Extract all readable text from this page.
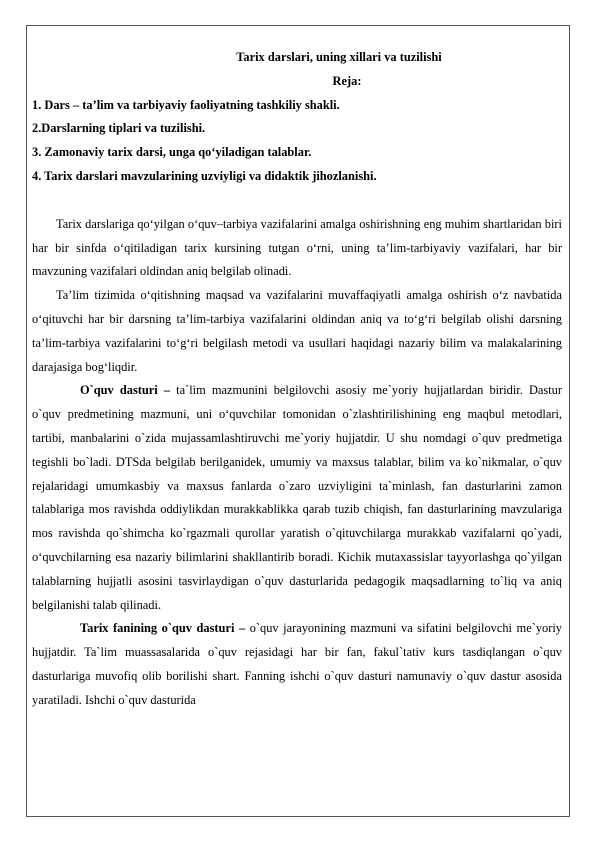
Tarix darslari, uning xillari va tuzilishi
Reja:
1. Dars – ta’lim va tarbiyaviy faoliyatning tashkiliy shakli.
2.Darslarning tiplari va tuzilishi.
3. Zamonaviy tarix darsi, unga qo‘yiladigan talablar.
4. Tarix darslari mavzularining uzviyligi va didaktik jihozlanishi.

Tarix darslariga qo‘yilgan o‘quv–tarbiya vazifalarini amalga oshirishning eng muhim shartlaridan biri har bir sinfda o‘qitiladigan tarix kursining tutgan o‘rni, uning ta’lim-tarbiyaviy vazifalari, har bir mavzuning vazifalari oldindan aniq belgilab olinadi.

Ta’lim tizimida o‘qitishning maqsad va vazifalarini muvaffaqiyatli amalga oshirish o‘z navbatida o‘qituvchi har bir darsning ta’lim-tarbiya vazifalarini oldindan aniq va to‘g‘ri belgilab olishi darsning ta’lim-tarbiya vazifalarini to‘g‘ri belgilash metodi va usullari haqidagi nazariy bilim va malakalarining darajasiga bog‘liqdir.

O`quv dasturi – ta`lim mazmunini belgilovchi asosiy me`yoriy hujjatlardan biridir. Dastur o`quv predmetining mazmuni, uni o‘quvchilar tomonidan o`zlashtirilishining eng maqbul metodlari, tartibi, manbalarini o`zida mujassamlashtiruvchi me`yoriy hujjatdir. U shu nomdagi o`quv predmetiga tegishli bo`ladi. DTSda belgilab berilganidek, umumiy va maxsus talablar, bilim va ko`nikmalar, o`quv rejalaridagi umumkasbiy va maxsus fanlarda o`zaro uzviyligini ta`minlash, fan dasturlarini zamon talablariga mos ravishda oddiylikdan murakkablikka qarab tuzib chiqish, fan dasturlarining mavzulariga mos ravishda qo`shimcha ko`rgazmali qurollar yaratish o`qituvchilarga murakkab vazifalarni qo`yadi, o‘quvchilarning esa nazariy bilimlarini shakllantirib boradi. Kichik mutaxassislar tayyorlashga qo`yilgan talablarning hujjatli asosini tasvirlaydigan o`quv dasturlarida pedagogik maqsadlarning to`liq va aniq belgilanishi talab qilinadi.

Tarix fanining o`quv dasturi – o`quv jarayonining mazmuni va sifatini belgilovchi me`yoriy hujjatdir. Ta`lim muassasalarida o`quv rejasidagi har bir fan, fakul`tativ kurs tasdiqlangan o`quv dasturlariga muvofiq olib borilishi shart. Fanning ishchi o`quv dasturi namunaviy o`quv dastur asosida yaratiladi. Ishchi o`quv dasturida
